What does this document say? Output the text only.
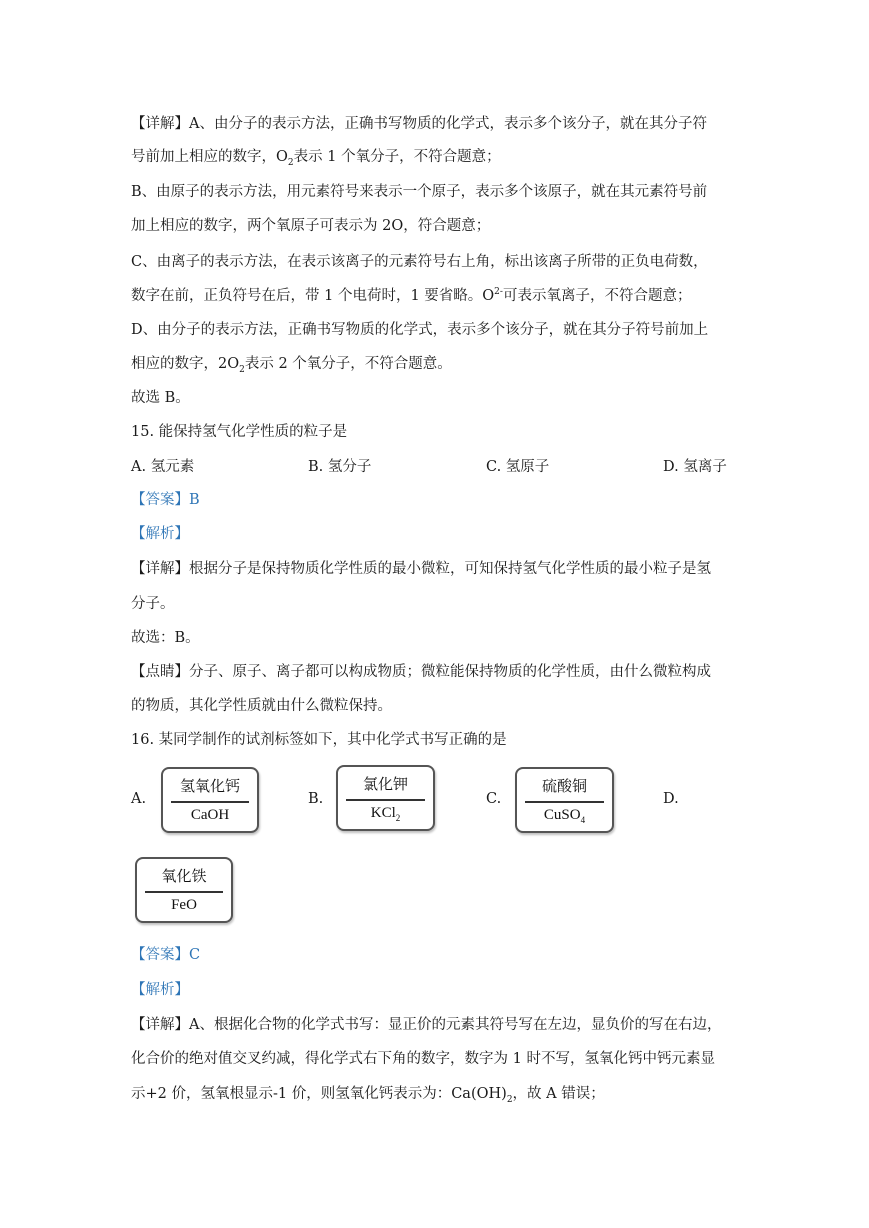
【详解】A、由分子的表示方法，正确书写物质的化学式，表示多个该分子，就在其分子符
号前加上相应的数字，$O_2$表示 1 个氧分子，不符合题意；
B、由原子的表示方法，用元素符号来表示一个原子，表示多个该原子，就在其元素符号前
加上相应的数字，两个氧原子可表示为 2O，符合题意；
C、由离子的表示方法，在表示该离子的元素符号右上角，标出该离子所带的正负电荷数，
数字在前，正负符号在后，带 1 个电荷时，1 要省略。$O^{2-}$可表示氧离子，不符合题意；
D、由分子的表示方法，正确书写物质的化学式，表示多个该分子，就在其分子符号前加上
相应的数字，$2O_2$表示 2 个氧分子，不符合题意。
故选 B。
15. 能保持氢气化学性质的粒子是
A. 氢元素	B. 氢分子	C. 氢原子	D. 氢离子
【答案】B
【解析】
【详解】根据分子是保持物质化学性质的最小微粒，可知保持氢气化学性质的最小粒子是氢
分子。
故选：B。
【点睛】分子、原子、离子都可以构成物质；微粒能保持物质的化学性质，由什么微粒构成
的物质，其化学性质就由什么微粒保持。
16. 某同学制作的试剂标签如下，其中化学式书写正确的是
A.
氢氧化钙
CaOH
B.
氯化钾
KCl$_2$
C.
硫酸铜
CuSO$_4$
D.
氧化铁
FeO
【答案】C
【解析】
【详解】A、根据化合物的化学式书写：显正价的元素其符号写在左边，显负价的写在右边，
化合价的绝对值交叉约减，得化学式右下角的数字，数字为 1 时不写，氢氧化钙中钙元素显
示+2 价，氢氧根显示-1 价，则氢氧化钙表示为：$Ca(OH)_2$，故 A 错误；
